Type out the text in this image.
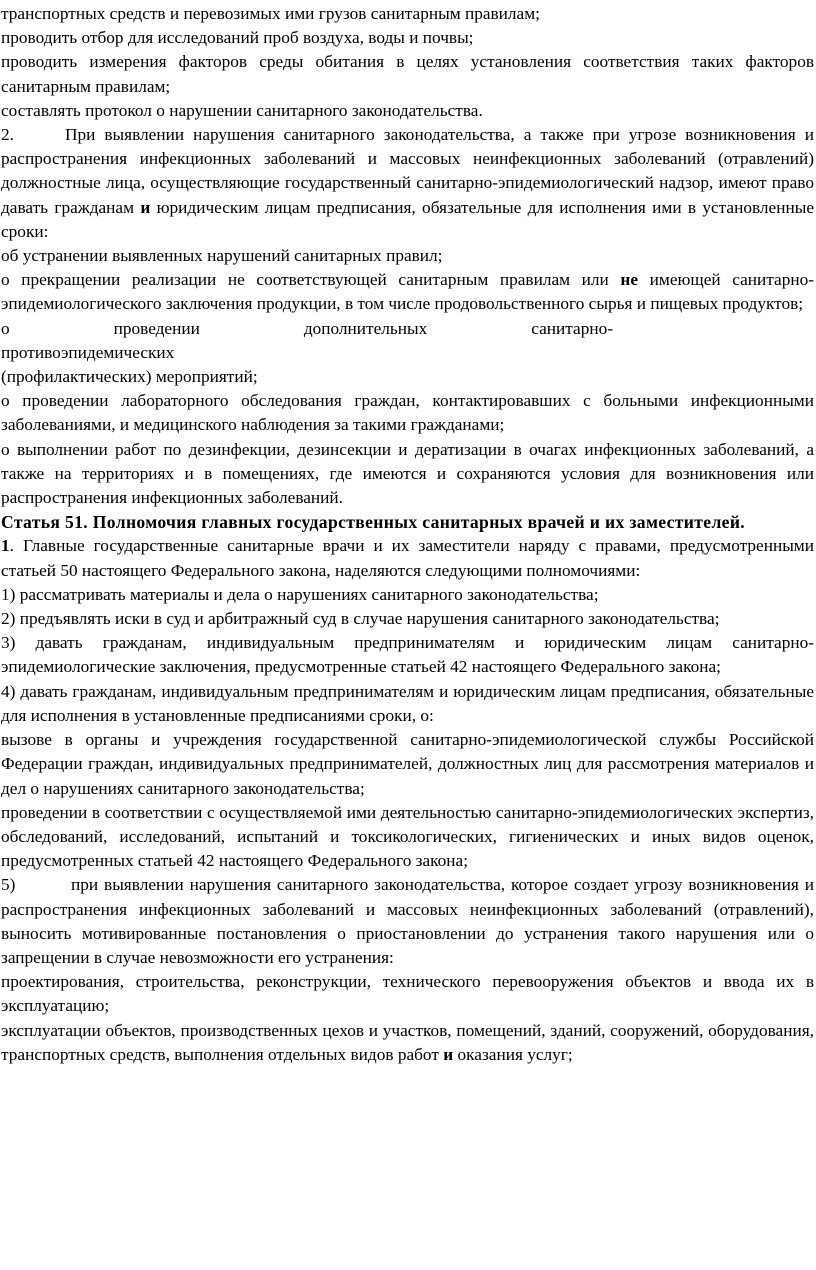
транспортных средств и перевозимых ими грузов санитарным правилам;

проводить отбор для исследований проб воздуха, воды и почвы;

проводить измерения факторов среды обитания в целях установления соответствия таких факторов санитарным правилам;

составлять протокол о нарушении санитарного законодательства.

2.	При выявлении нарушения санитарного законодательства, а также при угрозе возникновения и распространения инфекционных заболеваний и массовых неинфекционных заболеваний (отравлений) должностные лица, осуществляющие государственный санитарно-эпидемиологический надзор, имеют право давать гражданам и юридическим лицам предписания, обязательные для исполнения ими в установленные сроки:

об устранении выявленных нарушений санитарных правил;

о прекращении реализации не соответствующей санитарным правилам или не имеющей санитарно-эпидемиологического заключения продукции, в том числе продовольственного сырья и пищевых продуктов;

о проведении дополнительных санитарно-

противоэпидемических

(профилактических) мероприятий;

о проведении лабораторного обследования граждан, контактировавших с больными инфекционными заболеваниями, и медицинского наблюдения за такими гражданами;

о выполнении работ по дезинфекции, дезинсекции и дератизации в очагах инфекционных заболеваний, а также на территориях и в помещениях, где имеются и сохраняются условия для возникновения или распространения инфекционных заболеваний.

Статья 51. Полномочия главных государственных санитарных врачей и их заместителей.

1. Главные государственные санитарные врачи и их заместители наряду с правами, предусмотренными статьей 50 настоящего Федерального закона, наделяются следующими полномочиями:

1) рассматривать материалы и дела о нарушениях санитарного законодательства;

2) предъявлять иски в суд и арбитражный суд в случае нарушения санитарного законодательства;

3) давать гражданам, индивидуальным предпринимателям и юридическим лицам санитарно-эпидемиологические заключения, предусмотренные статьей 42 настоящего Федерального закона;

4) давать гражданам, индивидуальным предпринимателям и юридическим лицам предписания, обязательные для исполнения в установленные предписаниями сроки, о:

вызове в органы и учреждения государственной санитарно-эпидемиологической службы Российской Федерации граждан, индивидуальных предпринимателей, должностных лиц для рассмотрения материалов и дел о нарушениях санитарного законодательства;

проведении в соответствии с осуществляемой ими деятельностью санитарно-эпидемиологических экспертиз, обследований, исследований, испытаний и токсикологических, гигиенических и иных видов оценок, предусмотренных статьей 42 настоящего Федерального закона;

5)	при выявлении нарушения санитарного законодательства, которое создает угрозу возникновения и распространения инфекционных заболеваний и массовых неинфекционных заболеваний (отравлений), выносить мотивированные постановления о приостановлении до устранения такого нарушения или о запрещении в случае невозможности его устранения:

проектирования, строительства, реконструкции, технического перевооружения объектов и ввода их в эксплуатацию;

эксплуатации объектов, производственных цехов и участков, помещений, зданий, сооружений, оборудования, транспортных средств, выполнения отдельных видов работ и оказания услуг;
